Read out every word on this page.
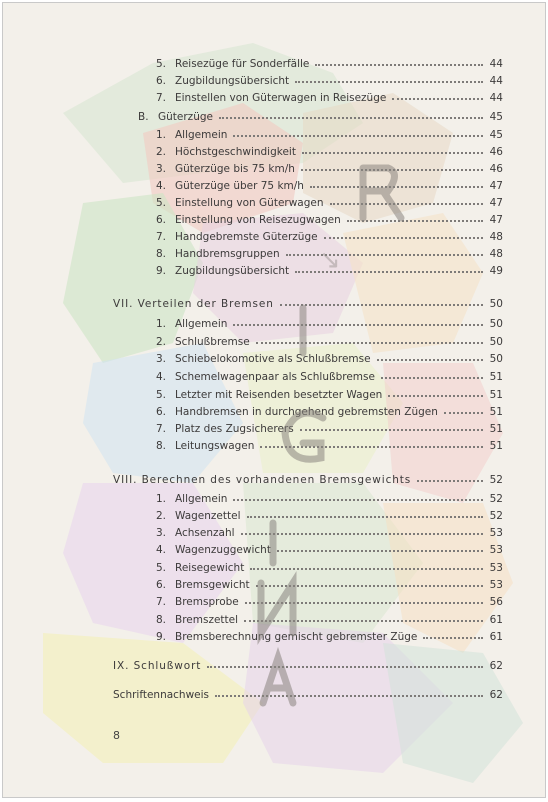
5. Reisezüge für Sonderfälle	44
6. Zugbildungsübersicht	44
7. Einstellen von Güterwagen in Reisezüge	44
B. Güterzüge	45
1. Allgemein	45
2. Höchstgeschwindigkeit	46
3. Güterzüge bis 75 km/h	46
4. Güterzüge über 75 km/h	47
5. Einstellung von Güterwagen	47
6. Einstellung von Reisezugwagen	47
7. Handgebremste Güterzüge	48
8. Handbremsgruppen	48
9. Zugbildungsübersicht	49
VII. Verteilen der Bremsen	50
1. Allgemein	50
2. Schlußbremse	50
3. Schiebelokomotive als Schlußbremse	50
4. Schemelwagenpaar als Schlußbremse	51
5. Letzter mit Reisenden besetzter Wagen	51
6. Handbremsen in durchgehend gebremsten Zügen	51
7. Platz des Zugsicherers	51
8. Leitungswagen	51
VIII. Berechnen des vorhandenen Bremsgewichts	52
1. Allgemein	52
2. Wagenzettel	52
3. Achsenzahl	53
4. Wagenzuggewicht	53
5. Reisegewicht	53
6. Bremsgewicht	53
7. Bremsprobe	56
8. Bremszettel	61
9. Bremsberechnung gemischt gebremster Züge	61
IX. Schlußwort	62
Schriftennachweis	62
↘
8
